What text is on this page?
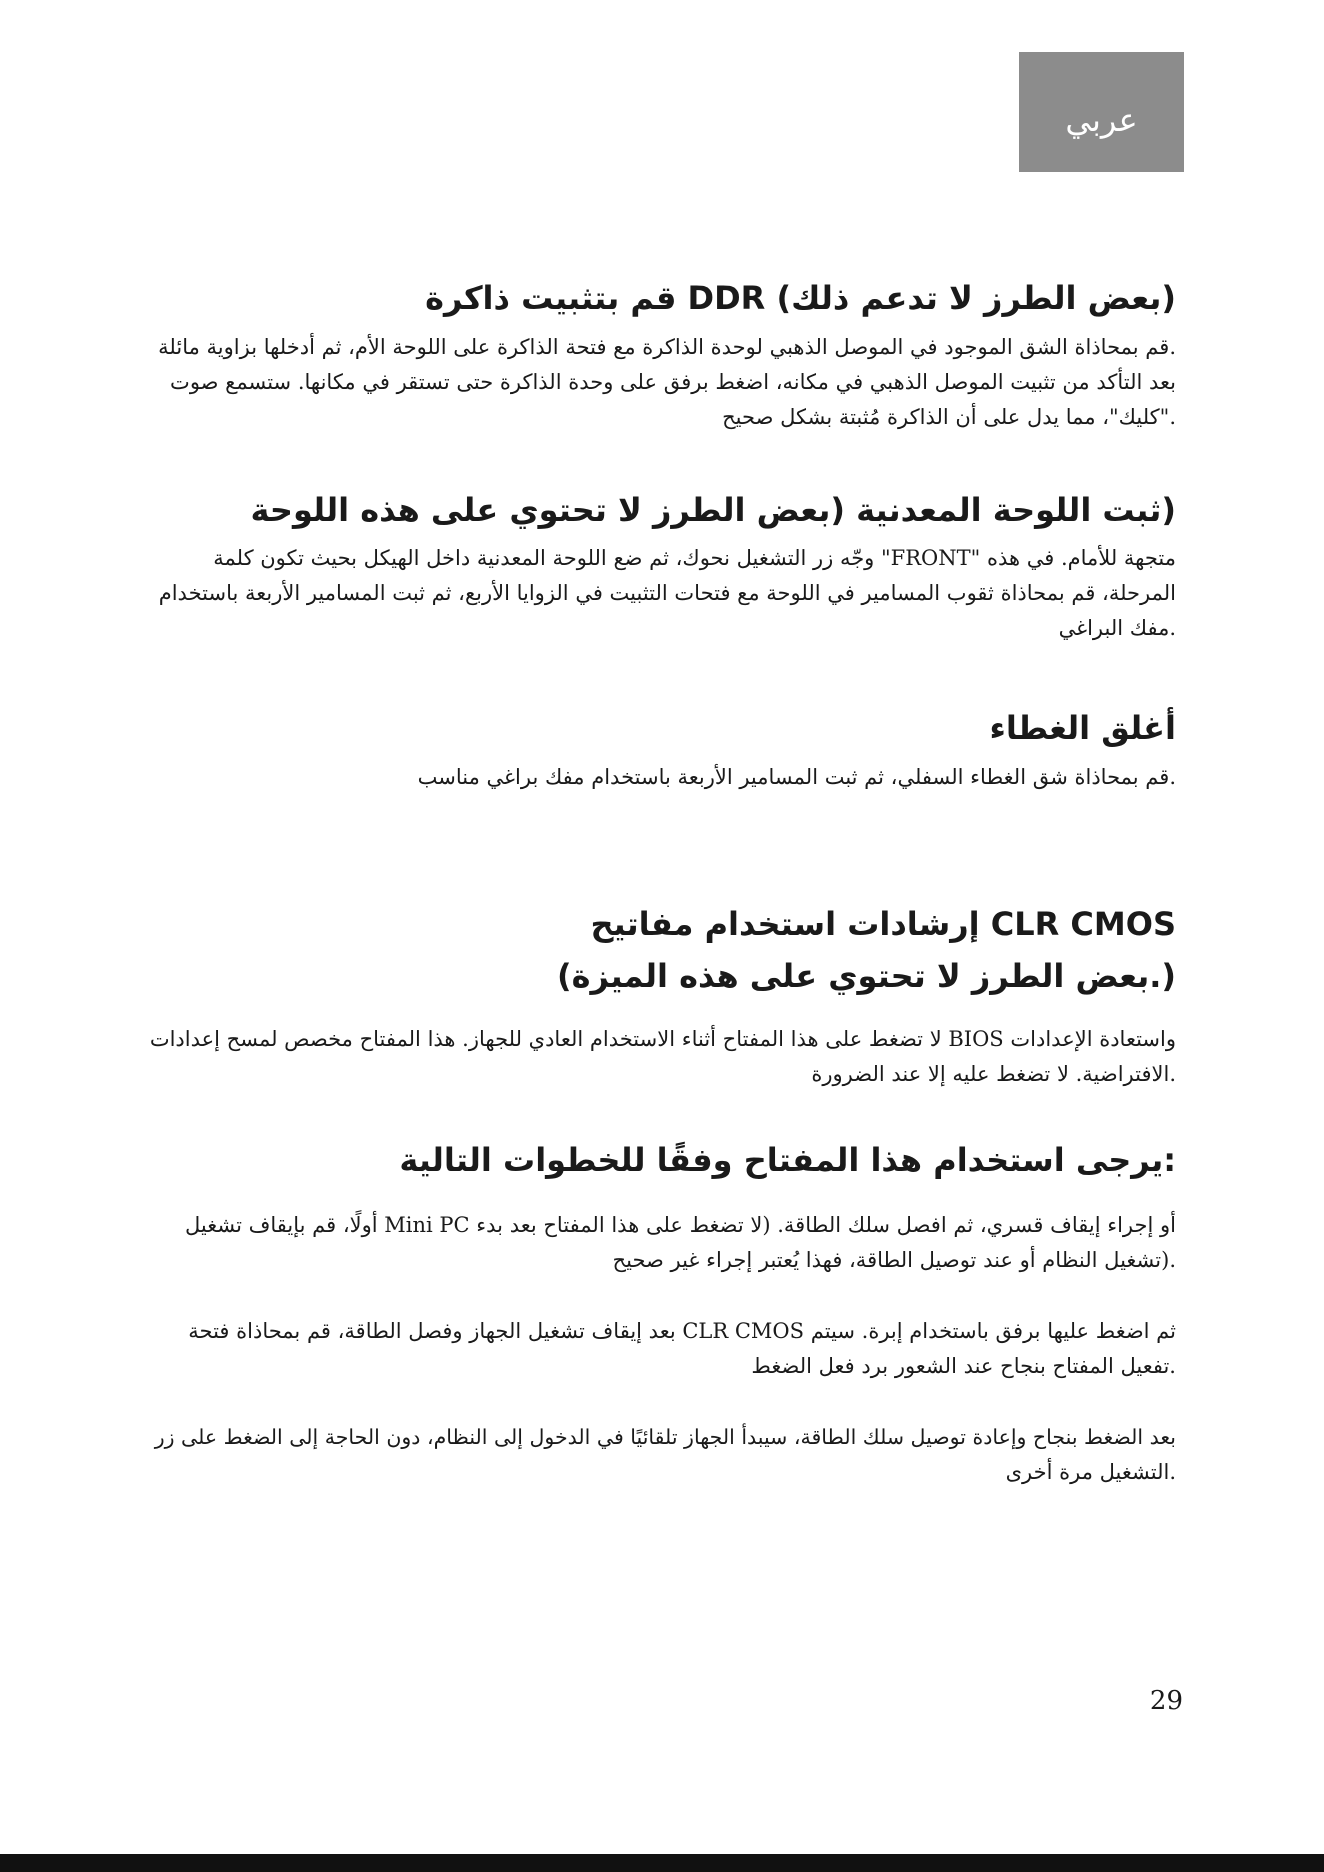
عربي
(بعض الطرز لا تدعم ذلك) DDR قم بتثبيت ذاكرة

.قم بمحاذاة الشق الموجود في الموصل الذهبي لوحدة الذاكرة مع فتحة الذاكرة على اللوحة الأم، ثم أدخلها بزاوية مائلة
بعد التأكد من تثبيت الموصل الذهبي في مكانه، اضغط برفق على وحدة الذاكرة حتى تستقر في مكانها. ستسمع صوت
."كليك"، مما يدل على أن الذاكرة مُثبتة بشكل صحيح

(ثبت اللوحة المعدنية (بعض الطرز لا تحتوي على هذه اللوحة

متجهة للأمام. في هذه "FRONT" وجّه زر التشغيل نحوك، ثم ضع اللوحة المعدنية داخل الهيكل بحيث تكون كلمة
المرحلة، قم بمحاذاة ثقوب المسامير في اللوحة مع فتحات التثبيت في الزوايا الأربع، ثم ثبت المسامير الأربعة باستخدام
.مفك البراغي

أغلق الغطاء

.قم بمحاذاة شق الغطاء السفلي، ثم ثبت المسامير الأربعة باستخدام مفك براغي مناسب

CLR CMOS إرشادات استخدام مفاتيح
(.بعض الطرز لا تحتوي على هذه الميزة)

واستعادة الإعدادات BIOS لا تضغط على هذا المفتاح أثناء الاستخدام العادي للجهاز. هذا المفتاح مخصص لمسح إعدادات
.الافتراضية. لا تضغط عليه إلا عند الضرورة

:يرجى استخدام هذا المفتاح وفقًا للخطوات التالية

أو إجراء إيقاف قسري، ثم افصل سلك الطاقة. (لا تضغط على هذا المفتاح بعد بدء Mini PC أولًا، قم بإيقاف تشغيل
.(تشغيل النظام أو عند توصيل الطاقة، فهذا يُعتبر إجراء غير صحيح

ثم اضغط عليها برفق باستخدام إبرة. سيتم CLR CMOS بعد إيقاف تشغيل الجهاز وفصل الطاقة، قم بمحاذاة فتحة
.تفعيل المفتاح بنجاح عند الشعور برد فعل الضغط

بعد الضغط بنجاح وإعادة توصيل سلك الطاقة، سيبدأ الجهاز تلقائيًا في الدخول إلى النظام، دون الحاجة إلى الضغط على زر
.التشغيل مرة أخرى

29
